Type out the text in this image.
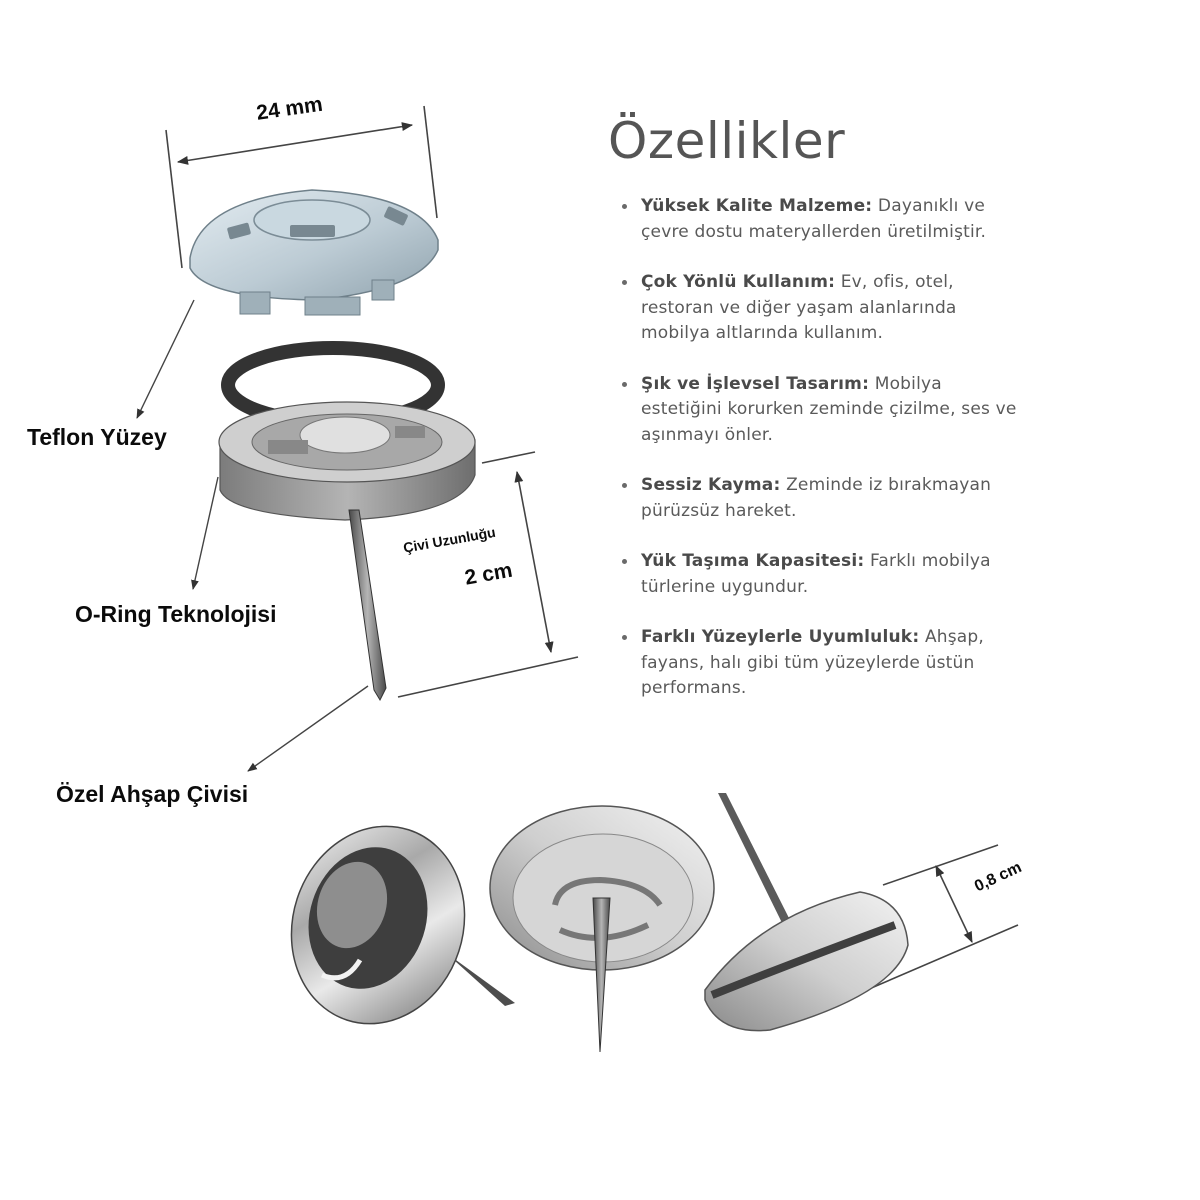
Teflon Yüzey
O-Ring Teknolojisi
Özel Ahşap Çivisi
24 mm
Çivi Uzunluğu
2 cm
0,8 cm
Özellikler
Yüksek Kalite Malzeme: Dayanıklı ve çevre dostu materyallerden üretilmiştir.
Çok Yönlü Kullanım: Ev, ofis, otel, restoran ve diğer yaşam alanlarında mobilya altlarında kullanım.
Şık ve İşlevsel Tasarım: Mobilya estetiğini korurken zeminde çizilme, ses ve aşınmayı önler.
Sessiz Kayma: Zeminde iz bırakmayan pürüzsüz hareket.
Yük Taşıma Kapasitesi: Farklı mobilya türlerine uygundur.
Farklı Yüzeylerle Uyumluluk: Ahşap, fayans, halı gibi tüm yüzeylerde üstün performans.
